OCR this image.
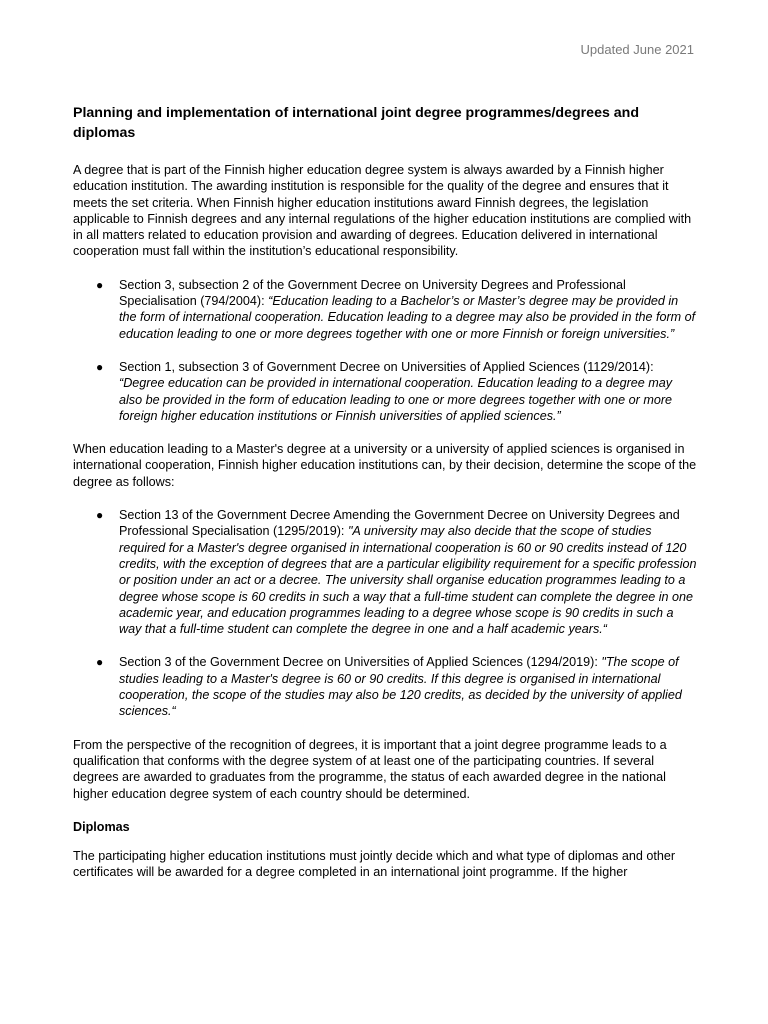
Updated June 2021
Planning and implementation of international joint degree programmes/degrees and diplomas

A degree that is part of the Finnish higher education degree system is always awarded by a Finnish higher education institution. The awarding institution is responsible for the quality of the degree and ensures that it meets the set criteria. When Finnish higher education institutions award Finnish degrees, the legislation applicable to Finnish degrees and any internal regulations of the higher education institutions are complied with in all matters related to education provision and awarding of degrees. Education delivered in international cooperation must fall within the institution’s educational responsibility.

● Section 3, subsection 2 of the Government Decree on University Degrees and Professional Specialisation (794/2004): “Education leading to a Bachelor’s or Master’s degree may be provided in the form of international cooperation. Education leading to a degree may also be provided in the form of education leading to one or more degrees together with one or more Finnish or foreign universities.”
● Section 1, subsection 3 of Government Decree on Universities of Applied Sciences (1129/2014): “Degree education can be provided in international cooperation. Education leading to a degree may also be provided in the form of education leading to one or more degrees together with one or more foreign higher education institutions or Finnish universities of applied sciences.”

When education leading to a Master's degree at a university or a university of applied sciences is organised in international cooperation, Finnish higher education institutions can, by their decision, determine the scope of the degree as follows:

● Section 13 of the Government Decree Amending the Government Decree on University Degrees and Professional Specialisation (1295/2019): "A university may also decide that the scope of studies required for a Master's degree organised in international cooperation is 60 or 90 credits instead of 120 credits, with the exception of degrees that are a particular eligibility requirement for a specific profession or position under an act or a decree. The university shall organise education programmes leading to a degree whose scope is 60 credits in such a way that a full-time student can complete the degree in one academic year, and education programmes leading to a degree whose scope is 90 credits in such a way that a full-time student can complete the degree in one and a half academic years.“
● Section 3 of the Government Decree on Universities of Applied Sciences (1294/2019): "The scope of studies leading to a Master's degree is 60 or 90 credits. If this degree is organised in international cooperation, the scope of the studies may also be 120 credits, as decided by the university of applied sciences.“

From the perspective of the recognition of degrees, it is important that a joint degree programme leads to a qualification that conforms with the degree system of at least one of the participating countries. If several degrees are awarded to graduates from the programme, the status of each awarded degree in the national higher education degree system of each country should be determined.

Diplomas

The participating higher education institutions must jointly decide which and what type of diplomas and other certificates will be awarded for a degree completed in an international joint programme. If the higher
